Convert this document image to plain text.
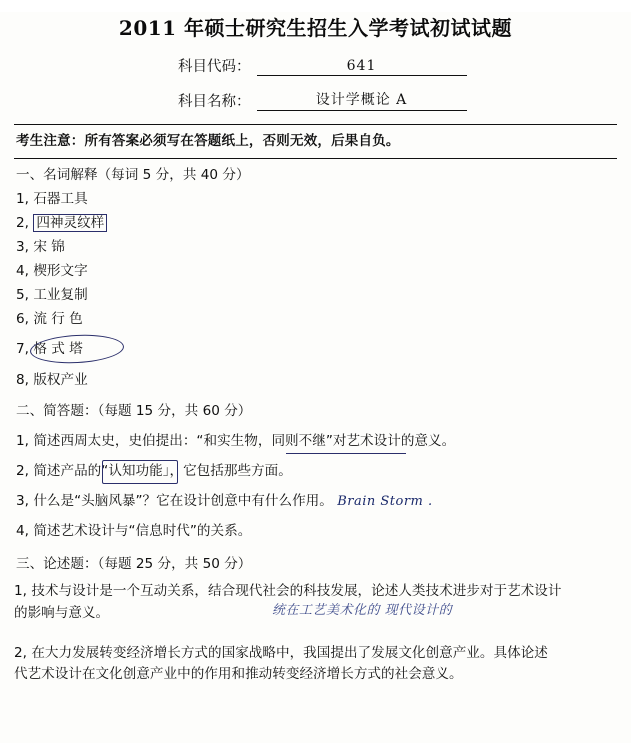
2011 年硕士研究生招生入学考试初试试题
科目代码：	641
科目名称：	设计学概论 A
考生注意：所有答案必须写在答题纸上，否则无效，后果自负。
一、名词解释（每词 5 分，共 40 分）
1, 石器工具
2, 四神灵纹样
3, 宋 锦
4, 楔形文字
5, 工业复制
6, 流 行 色
7, 格 式 塔
8, 版权产业
二、简答题：（每题 15 分，共 60 分）
1, 简述西周太史，史伯提出：“和实生物，同则不继”对艺术设计的意义。
2, 简述产品的“认知功能」，它包括那些方面。
3, 什么是“头脑风暴”？它在设计创意中有什么作用。 Brain Storm .
4, 简述艺术设计与“信息时代”的关系。
三、论述题：（每题 25 分，共 50 分）
1, 技术与设计是一个互动关系，结合现代社会的科技发展，论述人类技术进步对于艺术设计
的影响与意义。	统在工艺美术化的 现代设计的
2, 在大力发展转变经济增长方式的国家战略中，我国提出了发展文化创意产业。具体论述
代艺术设计在文化创意产业中的作用和推动转变经济增长方式的社会意义。
